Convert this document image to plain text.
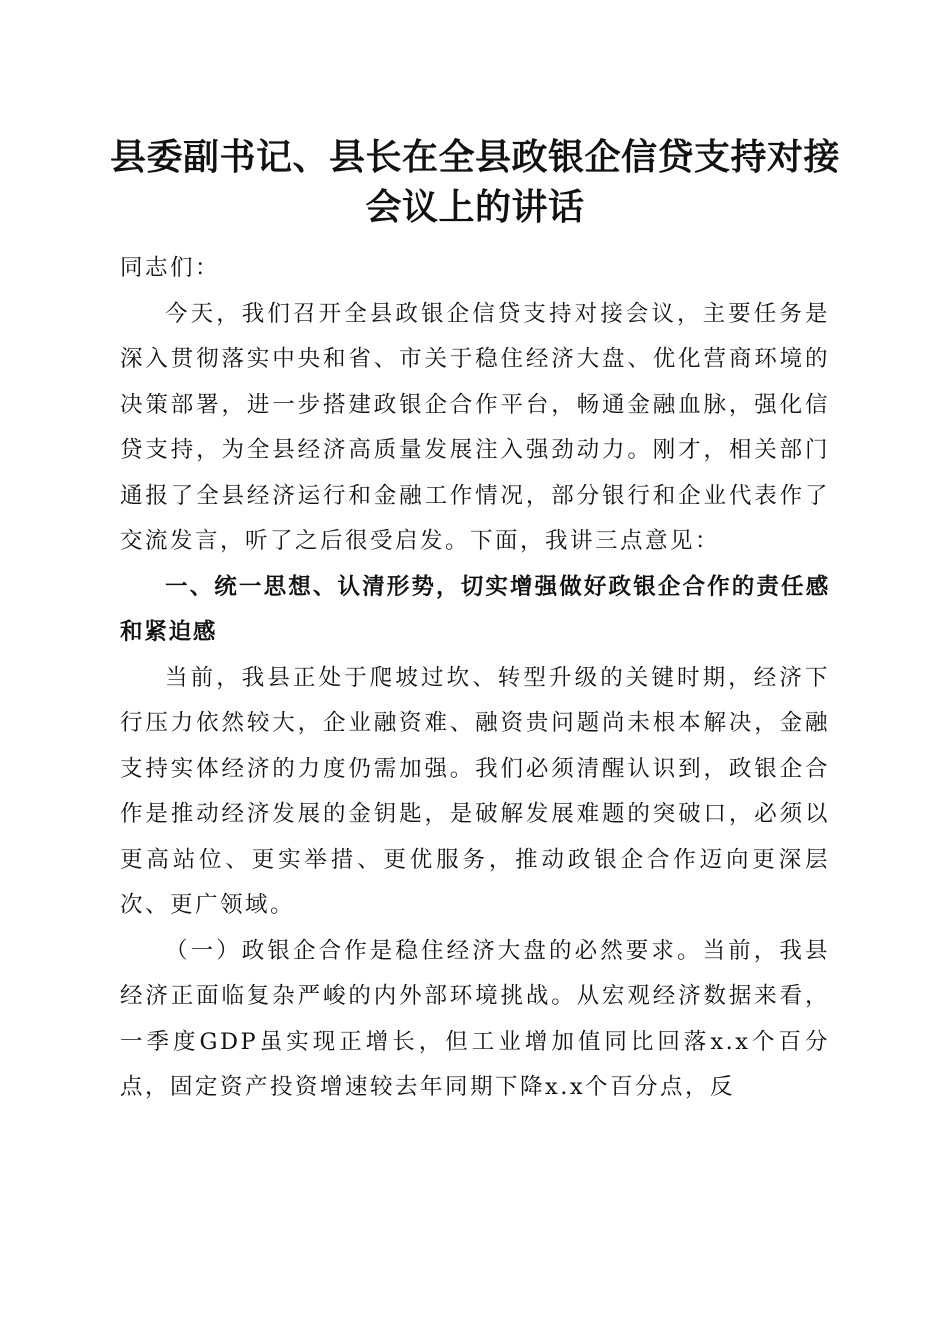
县委副书记、县长在全县政银企信贷支持对接
会议上的讲话

同志们：

今天，我们召开全县政银企信贷支持对接会议，主要任务是深入贯彻落实中央和省、市关于稳住经济大盘、优化营商环境的决策部署，进一步搭建政银企合作平台，畅通金融血脉，强化信贷支持，为全县经济高质量发展注入强劲动力。刚才，相关部门通报了全县经济运行和金融工作情况，部分银行和企业代表作了交流发言，听了之后很受启发。下面，我讲三点意见：

一、统一思想、认清形势，切实增强做好政银企合作的责任感和紧迫感

当前，我县正处于爬坡过坎、转型升级的关键时期，经济下行压力依然较大，企业融资难、融资贵问题尚未根本解决，金融支持实体经济的力度仍需加强。我们必须清醒认识到，政银企合作是推动经济发展的金钥匙，是破解发展难题的突破口，必须以更高站位、更实举措、更优服务，推动政银企合作迈向更深层次、更广领域。

（一）政银企合作是稳住经济大盘的必然要求。当前，我县经济正面临复杂严峻的内外部环境挑战。从宏观经济数据来看，一季度GDP虽实现正增长，但工业增加值同比回落x.x个百分点，固定资产投资增速较去年同期下降x.x个百分点，反
